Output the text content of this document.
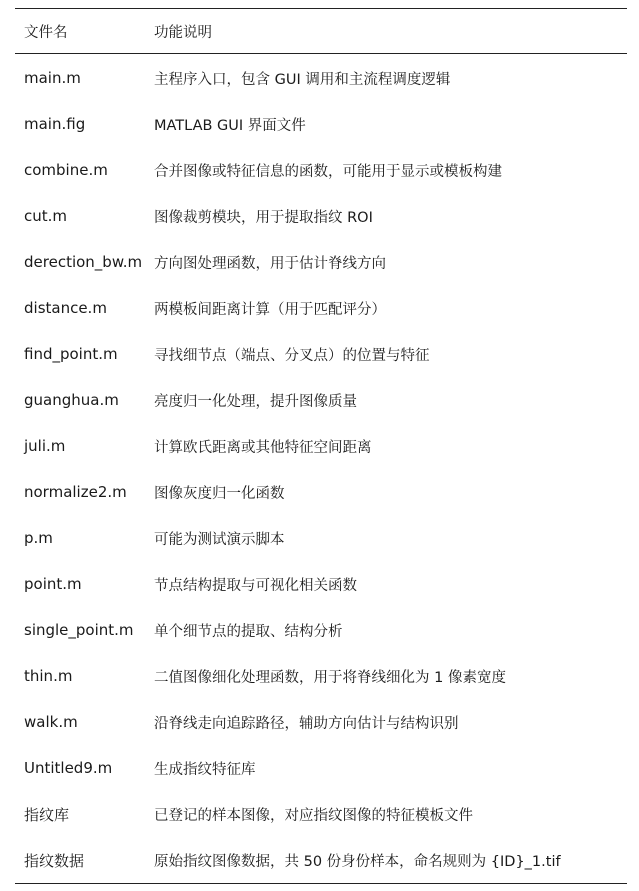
文件名	功能说明
main.m	主程序入口，包含 GUI 调用和主流程调度逻辑
main.fig	MATLAB GUI 界面文件
combine.m	合并图像或特征信息的函数，可能用于显示或模板构建
cut.m	图像裁剪模块，用于提取指纹 ROI
derection_bw.m 方向图处理函数，用于估计脊线方向
distance.m	两模板间距离计算（用于匹配评分）
find_point.m	寻找细节点（端点、分叉点）的位置与特征
guanghua.m	亮度归一化处理，提升图像质量
juli.m	计算欧氏距离或其他特征空间距离
normalize2.m	图像灰度归一化函数
p.m	可能为测试演示脚本
point.m	节点结构提取与可视化相关函数
single_point.m	单个细节点的提取、结构分析
thin.m	二值图像细化处理函数，用于将脊线细化为 1 像素宽度
walk.m	沿脊线走向追踪路径，辅助方向估计与结构识别
Untitled9.m	生成指纹特征库
指纹库	已登记的样本图像，对应指纹图像的特征模板文件
指纹数据	原始指纹图像数据，共 50 份身份样本，命名规则为 {ID}_1.tif
